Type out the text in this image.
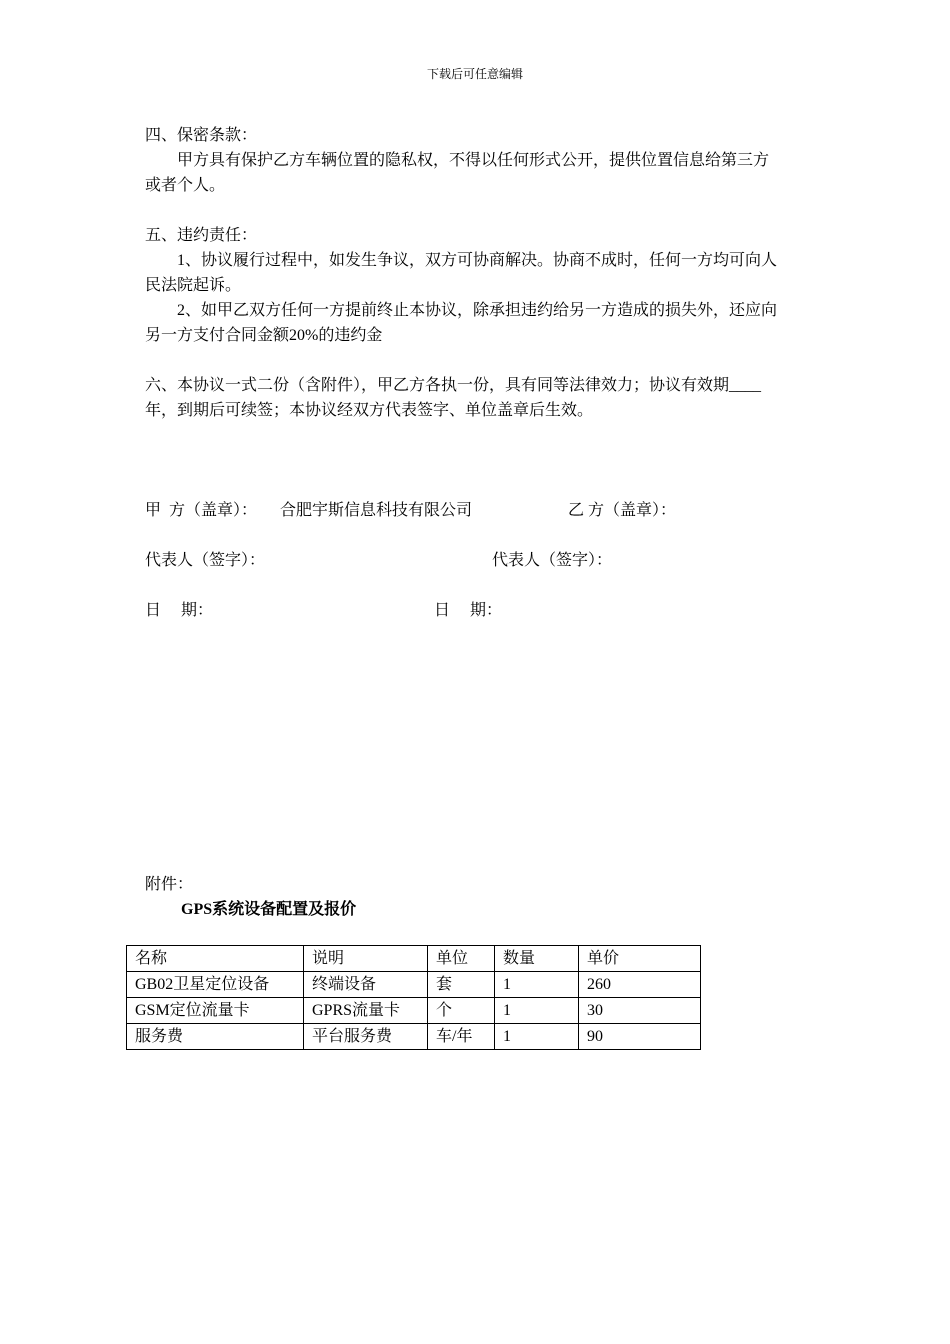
下载后可任意编辑
四、保密条款：
甲方具有保护乙方车辆位置的隐私权，不得以任何形式公开，提供位置信息给第三方
或者个人。
五、违约责任：
1、协议履行过程中，如发生争议，双方可协商解决。协商不成时，任何一方均可向人
民法院起诉。
2、如甲乙双方任何一方提前终止本协议，除承担违约给另一方造成的损失外，还应向
另一方支付合同金额20%的违约金
六、本协议一式二份（含附件），甲乙方各执一份，具有同等法律效力；协议有效期____
年，到期后可续签；本协议经双方代表签字、单位盖章后生效。
甲  方（盖章）： 合肥宇斯信息科技有限公司	乙 方（盖章）：
代表人（签字）：	代表人（签字）：
日     期：	日     期：
附件：
GPS系统设备配置及报价
名称	说明	单位	数量	单价
GB02卫星定位设备	终端设备	套	1	260
GSM定位流量卡	GPRS流量卡	个	1	30
服务费	平台服务费	车/年	1	90
